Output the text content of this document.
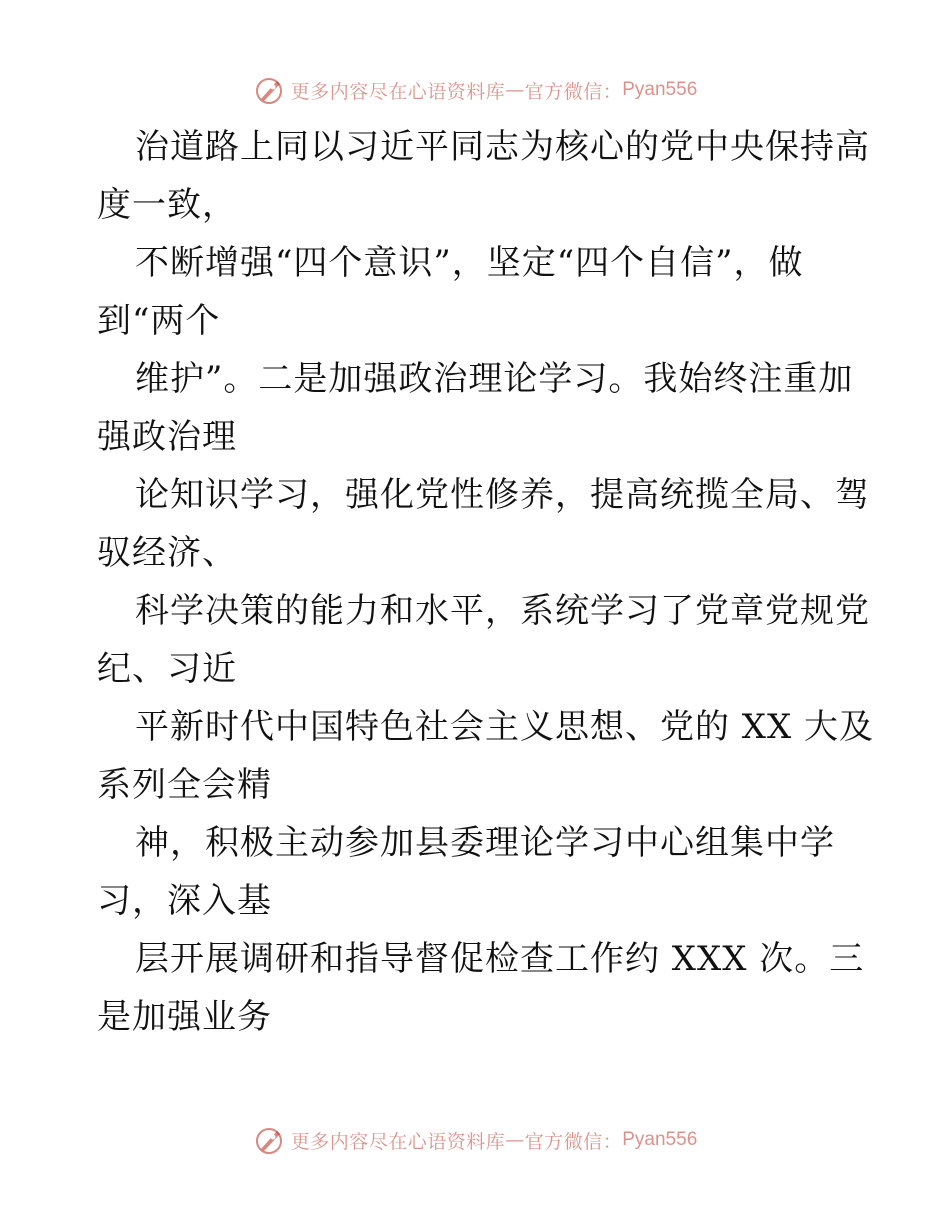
更多内容尽在心语资料库 — 官方微信： Pyan556
治道路上同以习近平同志为核心的党中央保持高
度一致，
不断增强“四个意识”，坚定“四个自信”，做
到“两个
维护”。二是加强政治理论学习。我始终注重加
强政治理
论知识学习，强化党性修养，提高统揽全局、驾
驭经济、
科学决策的能力和水平，系统学习了党章党规党
纪、习近
平新时代中国特色社会主义思想、党的 XX 大及
系列全会精
神，积极主动参加县委理论学习中心组集中学
习，深入基
层开展调研和指导督促检查工作约 XXX 次。三
是加强业务
更多内容尽在心语资料库 — 官方微信： Pyan556
